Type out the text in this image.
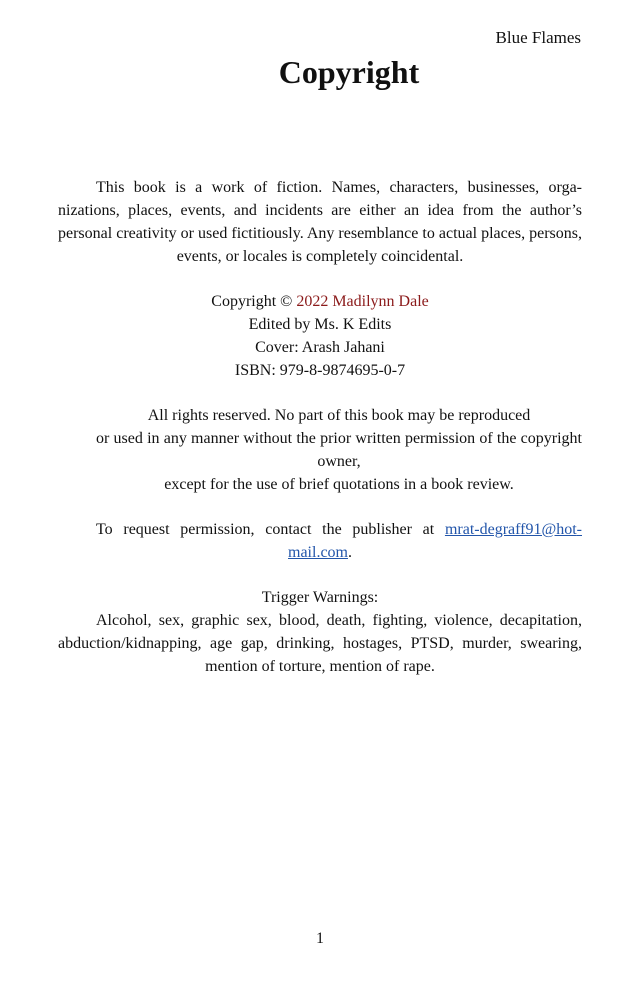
Blue Flames
Copyright

This book is a work of fiction. Names, characters, businesses, organizations, places, events, and incidents are either an idea from the author’s personal creativity or used fictitiously. Any resemblance to actual places, persons, events, or locales is completely coincidental.

Copyright © 2022 Madilynn Dale
Edited by Ms. K Edits
Cover: Arash Jahani
ISBN: 979-8-9874695-0-7
All rights reserved. No part of this book may be reproduced
or used in any manner without the prior written permission of the copyright owner,
except for the use of brief quotations in a book review.

To request permission, contact the publisher at mrat-degraff91@hotmail.com.

Trigger Warnings:

Alcohol, sex, graphic sex, blood, death, fighting, violence, decapitation, abduction/kidnapping, age gap, drinking, hostages, PTSD, murder, swearing, mention of torture, mention of rape.

1
